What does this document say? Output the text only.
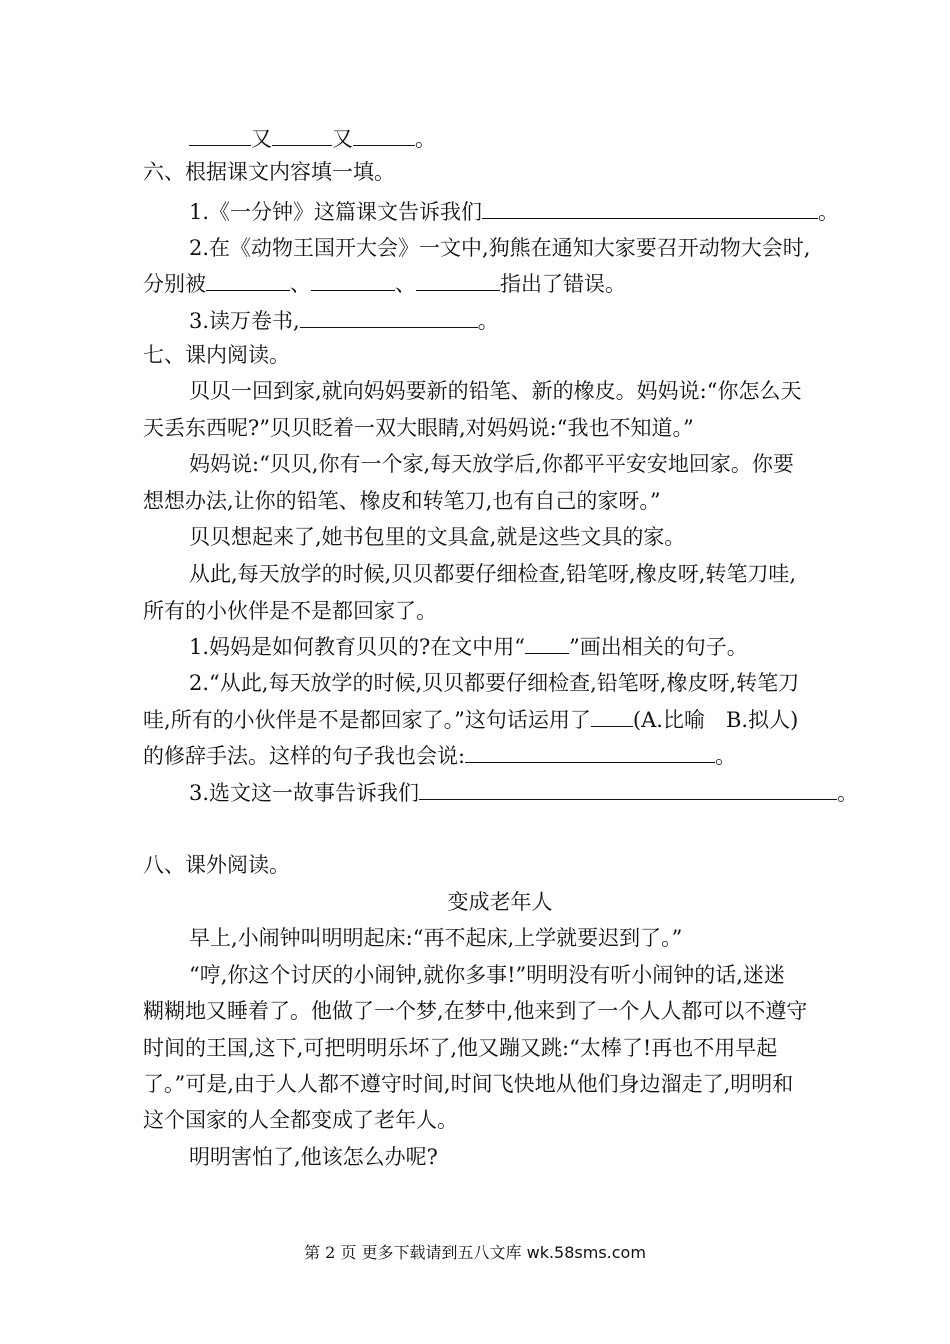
又	又	。
六、根据课文内容填一填。
1.《一分钟》这篇课文告诉我们	。
2.在《动物王国开大会》一文中,狗熊在通知大家要召开动物大会时,
分别被	、	、	指出了错误。
3.读万卷书,	。
七、课内阅读。
贝贝一回到家,就向妈妈要新的铅笔、新的橡皮。妈妈说:“你怎么天
天丢东西呢?”贝贝眨着一双大眼睛,对妈妈说:“我也不知道。”
妈妈说:“贝贝,你有一个家,每天放学后,你都平平安安地回家。你要
想想办法,让你的铅笔、橡皮和转笔刀,也有自己的家呀。”
贝贝想起来了,她书包里的文具盒,就是这些文具的家。
从此,每天放学的时候,贝贝都要仔细检查,铅笔呀,橡皮呀,转笔刀哇,
所有的小伙伴是不是都回家了。
1.妈妈是如何教育贝贝的?在文中用“ ”画出相关的句子。
2.“从此,每天放学的时候,贝贝都要仔细检查,铅笔呀,橡皮呀,转笔刀
哇,所有的小伙伴是不是都回家了。”这句话运用了 (A.比喻　B.拟人)
的修辞手法。这样的句子我也会说:	。
3.选文这一故事告诉我们	。
八、课外阅读。
变成老年人
早上,小闹钟叫明明起床:“再不起床,上学就要迟到了。”
“哼,你这个讨厌的小闹钟,就你多事!”明明没有听小闹钟的话,迷迷
糊糊地又睡着了。他做了一个梦,在梦中,他来到了一个人人都可以不遵守
时间的王国,这下,可把明明乐坏了,他又蹦又跳:“太棒了!再也不用早起
了。”可是,由于人人都不遵守时间,时间飞快地从他们身边溜走了,明明和
这个国家的人全都变成了老年人。
明明害怕了,他该怎么办呢?
第 2 页 更多下载请到五八文库 wk.58sms.com
